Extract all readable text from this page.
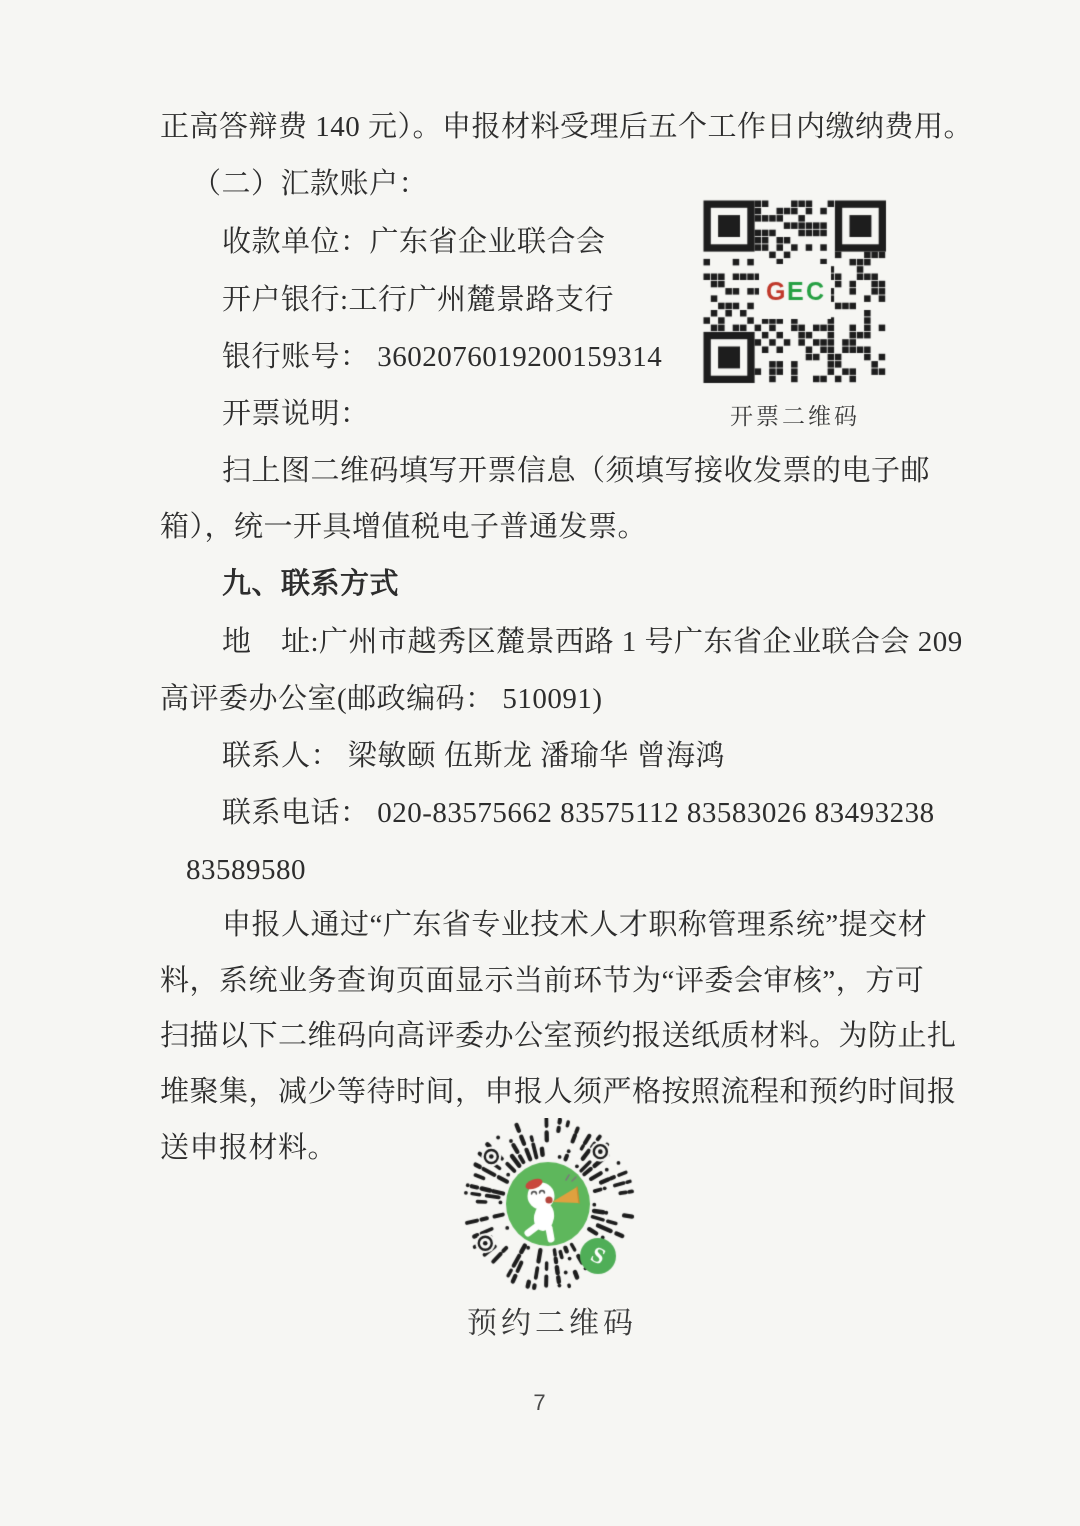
正高答辩费 140 元）。申报材料受理后五个工作日内缴纳费用。
（二）汇款账户：
收款单位：广东省企业联合会
开户银行:工行广州麓景路支行
银行账号： 3602076019200159314
开票说明：
扫上图二维码填写开票信息（须填写接收发票的电子邮
箱），统一开具增值税电子普通发票。
九、联系方式
地　址:广州市越秀区麓景西路 1 号广东省企业联合会 209
高评委办公室(邮政编码： 510091)
联系人： 梁敏颐 伍斯龙 潘瑜华 曾海鸿
联系电话： 020-83575662 83575112 83583026 83493238
83589580
申报人通过“广东省专业技术人才职称管理系统”提交材
料，系统业务查询页面显示当前环节为“评委会审核”，方可
扫描以下二维码向高评委办公室预约报送纸质材料。为防止扎
堆聚集，减少等待时间，申报人须严格按照流程和预约时间报
送申报材料。
开票二维码
预约二维码
7
